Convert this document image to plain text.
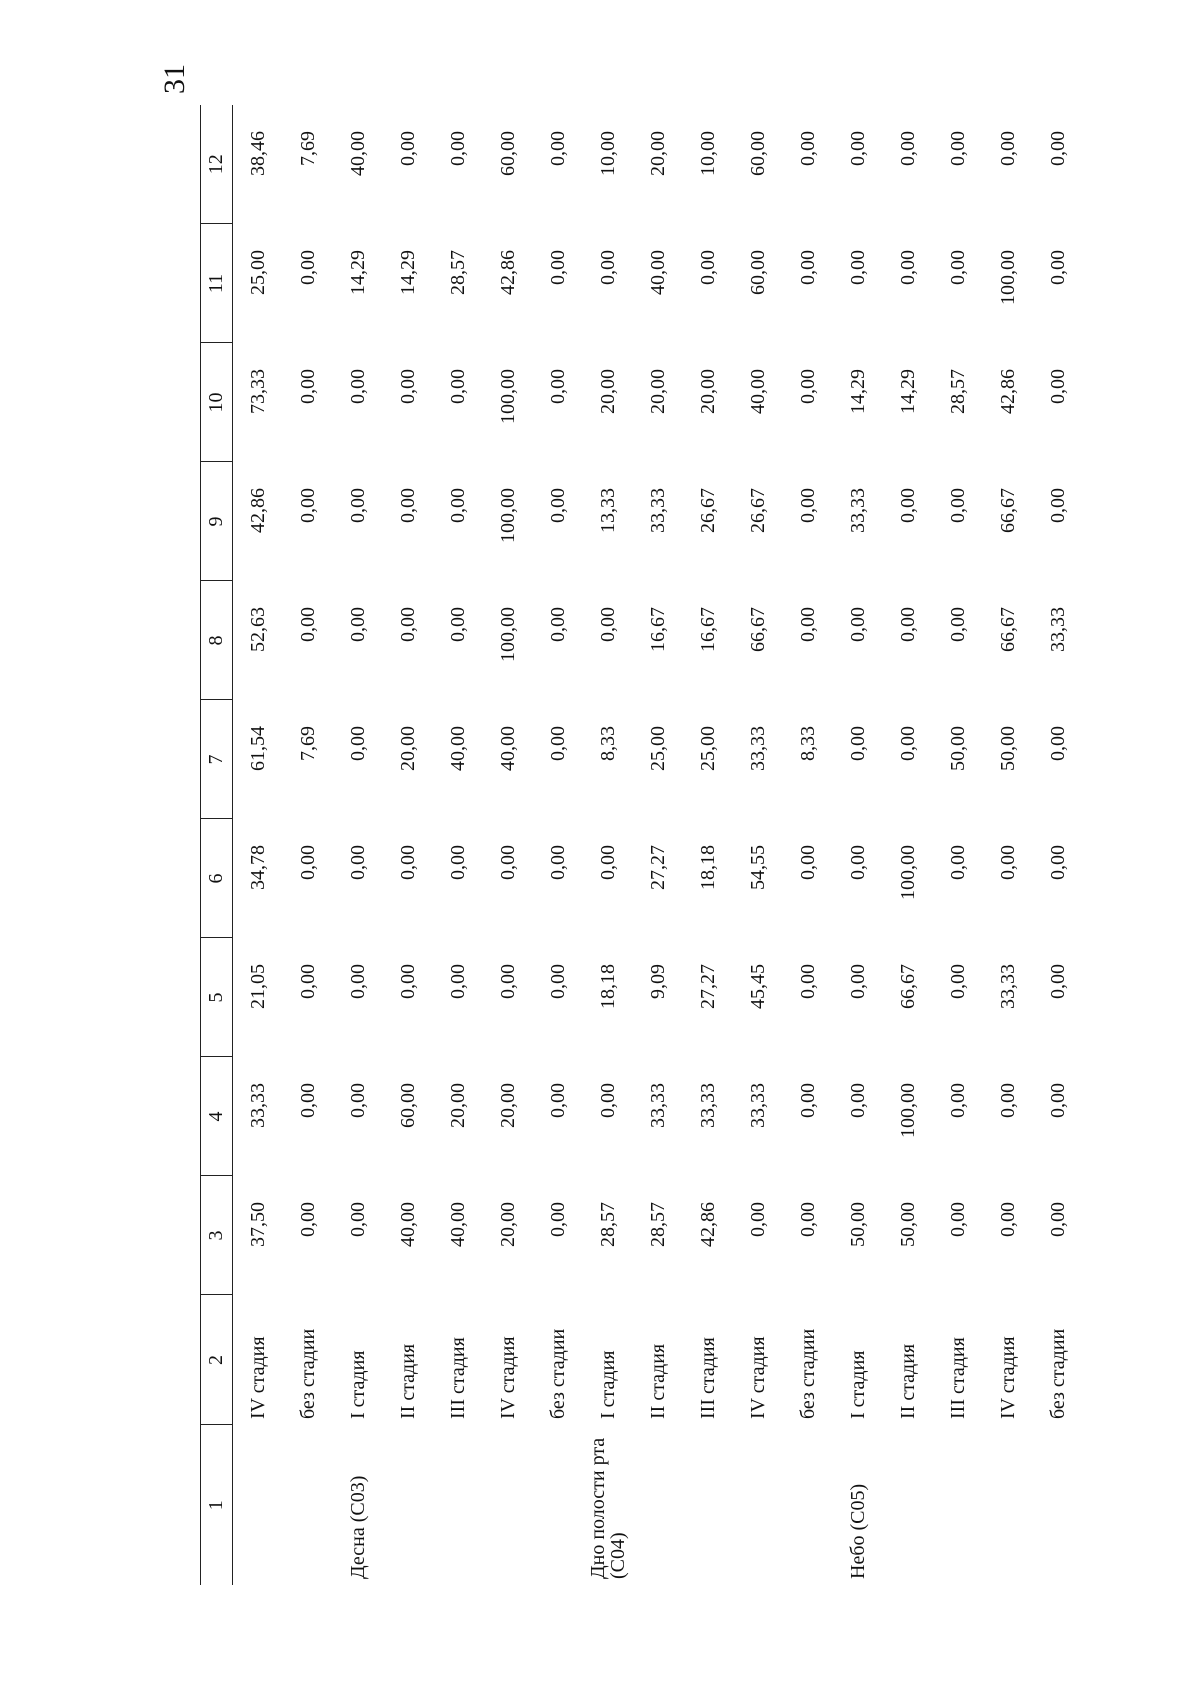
31
1	2	3	4	5	6	7	8	9	10	11	12
	IV стадия	37,50	33,33	21,05	34,78	61,54	52,63	42,86	73,33	25,00	38,46
	без стадии	0,00	0,00	0,00	0,00	7,69	0,00	0,00	0,00	0,00	7,69
Десна (С03)	I стадия	0,00	0,00	0,00	0,00	0,00	0,00	0,00	0,00	14,29	40,00
	II стадия	40,00	60,00	0,00	0,00	20,00	0,00	0,00	0,00	14,29	0,00
	III стадия	40,00	20,00	0,00	0,00	40,00	0,00	0,00	0,00	28,57	0,00
	IV стадия	20,00	20,00	0,00	0,00	40,00	100,00	100,00	100,00	42,86	60,00
	без стадии	0,00	0,00	0,00	0,00	0,00	0,00	0,00	0,00	0,00	0,00
Дно полости рта (С04)	I стадия	28,57	0,00	18,18	0,00	8,33	0,00	13,33	20,00	0,00	10,00
	II стадия	28,57	33,33	9,09	27,27	25,00	16,67	33,33	20,00	40,00	20,00
	III стадия	42,86	33,33	27,27	18,18	25,00	16,67	26,67	20,00	0,00	10,00
	IV стадия	0,00	33,33	45,45	54,55	33,33	66,67	26,67	40,00	60,00	60,00
	без стадии	0,00	0,00	0,00	0,00	8,33	0,00	0,00	0,00	0,00	0,00
Небо (С05)	I стадия	50,00	0,00	0,00	0,00	0,00	0,00	33,33	14,29	0,00	0,00
	II стадия	50,00	100,00	66,67	100,00	0,00	0,00	0,00	14,29	0,00	0,00
	III стадия	0,00	0,00	0,00	0,00	50,00	0,00	0,00	28,57	0,00	0,00
	IV стадия	0,00	0,00	33,33	0,00	50,00	66,67	66,67	42,86	100,00	0,00
	без стадии	0,00	0,00	0,00	0,00	0,00	33,33	0,00	0,00	0,00	0,00
